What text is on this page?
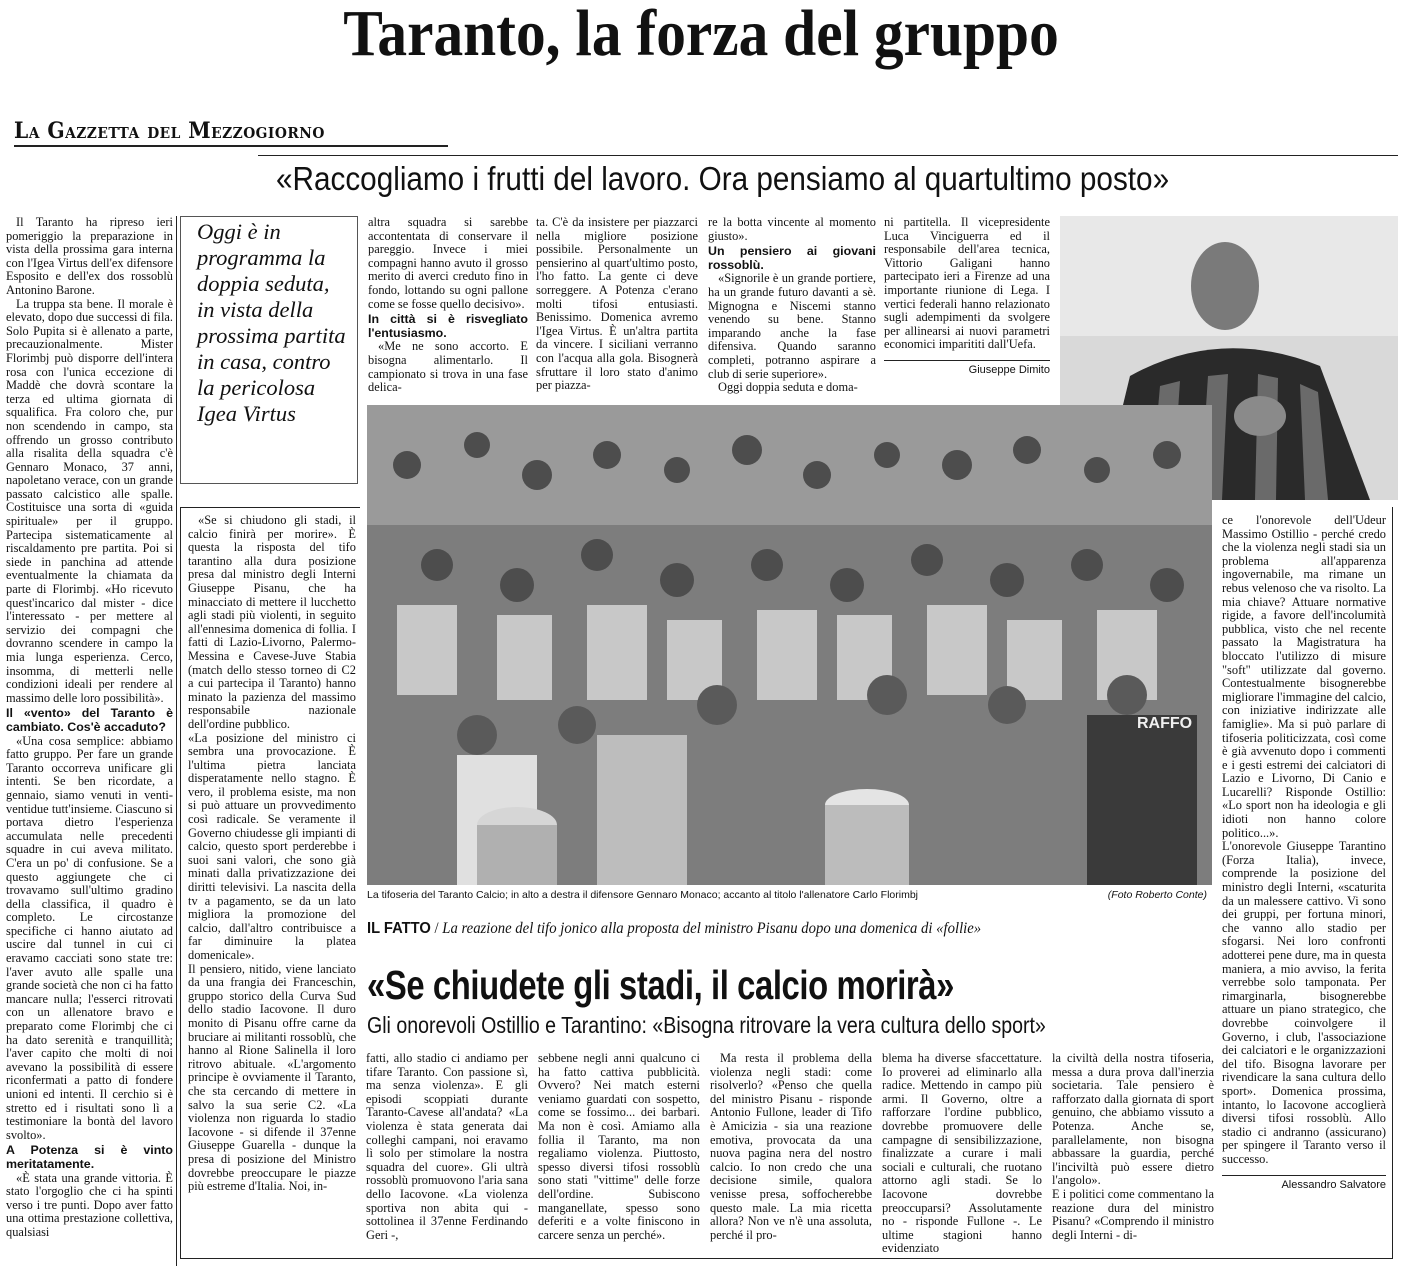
Taranto, la forza del gruppo
La Gazzetta del Mezzogiorno
«Raccogliamo i frutti del lavoro. Ora pensiamo al quartultimo posto»

Il Taranto ha ripreso ieri pomeriggio la preparazione in vista della prossima gara interna con l'Igea Virtus dell'ex difensore Esposito e dell'ex dos rossoblù Antonino Barone.

La truppa sta bene. Il morale è elevato, dopo due successi di fila. Solo Pupita si è allenato a parte, precauzionalmente. Mister Florimbj può disporre dell'intera rosa con l'unica eccezione di Maddè che dovrà scontare la terza ed ultima giornata di squalifica. Fra coloro che, pur non scendendo in campo, sta offrendo un grosso contributo alla risalita della squadra c'è Gennaro Monaco, 37 anni, napoletano verace, con un grande passato calcistico alle spalle. Costituisce una sorta di «guida spirituale» per il gruppo. Partecipa sistematicamente al riscaldamento pre partita. Poi si siede in panchina ad attende eventualmente la chiamata da parte di Florimbj. «Ho ricevuto quest'incarico dal mister - dice l'interessato - per mettere al servizio dei compagni che dovranno scendere in campo la mia lunga esperienza. Cerco, insomma, di metterli nelle condizioni ideali per rendere al massimo delle loro possibilità».

Il «vento» del Taranto è cambiato. Cos'è accaduto?

«Una cosa semplice: abbiamo fatto gruppo. Per fare un grande Taranto occorreva unificare gli intenti. Se ben ricordate, a gennaio, siamo venuti in venti-ventidue tutt'insieme. Ciascuno si portava dietro l'esperienza accumulata nelle precedenti squadre in cui aveva militato. C'era un po' di confusione. Se a questo aggiungete che ci trovavamo sull'ultimo gradino della classifica, il quadro è completo. Le circostanze specifiche ci hanno aiutato ad uscire dal tunnel in cui ci eravamo cacciati sono state tre: l'aver avuto alle spalle una grande società che non ci ha fatto mancare nulla; l'esserci ritrovati con un allenatore bravo e preparato come Florimbj che ci ha dato serenità e tranquillità; l'aver capito che molti di noi avevano la possibilità di essere riconfermati a patto di fondere unioni ed intenti. Il cerchio si è stretto ed i risultati sono lì a testimoniare la bontà del lavoro svolto».

A Potenza si è vinto meritatamente.

«È stata una grande vittoria. È stato l'orgoglio che ci ha spinti verso i tre punti. Dopo aver fatto una ottima prestazione collettiva, qualsiasi

Oggi è in programma la doppia seduta, in vista della prossima partita in casa, contro la pericolosa Igea Virtus

altra squadra si sarebbe accontentata di conservare il pareggio. Invece i miei compagni hanno avuto il grosso merito di averci creduto fino in fondo, lottando su ogni pallone come se fosse quello decisivo».

In città si è risvegliato l'entusiasmo.

«Me ne sono accorto. E bisogna alimentarlo. Il campionato si trova in una fase delica-

ta. C'è da insistere per piazzarci nella migliore posizione possibile. Personalmente un pensierino al quart'ultimo posto, l'ho fatto. La gente ci deve sorreggere. A Potenza c'erano molti tifosi entusiasti. Benissimo. Domenica avremo l'Igea Virtus. È un'altra partita da vincere. I siciliani verranno con l'acqua alla gola. Bisognerà sfruttare il loro stato d'animo per piazza-

re la botta vincente al momento giusto».

Un pensiero ai giovani rossoblù.

«Signorile è un grande portiere, ha un grande futuro davanti a sè. Mignogna e Niscemi stanno venendo su bene. Stanno imparando anche la fase difensiva. Quando saranno completi, potranno aspirare a club di serie superiore».

Oggi doppia seduta e doma-

ni partitella. Il vicepresidente Luca Vinciguerra ed il responsabile dell'area tecnica, Vittorio Galigani hanno partecipato ieri a Firenze ad una importante riunione di Lega. I vertici federali hanno relazionato sugli adempimenti da svolgere per allinearsi ai nuovi parametri economici imparititi dall'Uefa.

Giuseppe Dimito

RAFFO
La tifoseria del Taranto Calcio; in alto a destra il difensore Gennaro Monaco; accanto al titolo l'allenatore Carlo Florimbj	(Foto Roberto Conte)
IL FATTO / La reazione del tifo jonico alla proposta del ministro Pisanu dopo una domenica di «follie»
«Se chiudete gli stadi, il calcio morirà»
Gli onorevoli Ostillio e Tarantino: «Bisogna ritrovare la vera cultura dello sport»

«Se si chiudono gli stadi, il calcio finirà per morire». È questa la risposta del tifo tarantino alla dura posizione presa dal ministro degli Interni Giuseppe Pisanu, che ha minacciato di mettere il lucchetto agli stadi più violenti, in seguito all'ennesima domenica di follia. I fatti di Lazio-Livorno, Palermo-Messina e Cavese-Juve Stabia (match dello stesso torneo di C2 a cui partecipa il Taranto) hanno minato la pazienza del massimo responsabile nazionale dell'ordine pubblico.
«La posizione del ministro ci sembra una provocazione. È l'ultima pietra lanciata disperatamente nello stagno. È vero, il problema esiste, ma non si può attuare un provvedimento così radicale. Se veramente il Governo chiudesse gli impianti di calcio, questo sport perderebbe i suoi sani valori, che sono già minati dalla privatizzazione dei diritti televisivi. La nascita della tv a pagamento, se da un lato migliora la promozione del calcio, dall'altro contribuisce a far diminuire la platea domenicale».
Il pensiero, nitido, viene lanciato da una frangia dei Franceschin, gruppo storico della Curva Sud dello stadio Iacovone. Il duro monito di Pisanu offre carne da bruciare ai militanti rossoblù, che hanno al Rione Salinella il loro ritrovo abituale. «L'argomento principe è ovviamente il Taranto, che sta cercando di mettere in salvo la sua serie C2. «La violenza non riguarda lo stadio Iacovone - si difende il 37enne Giuseppe Guarella - dunque la presa di posizione del Ministro dovrebbe preoccupare le piazze più estreme d'Italia. Noi, in-

fatti, allo stadio ci andiamo per tifare Taranto. Con passione sì, ma senza violenza». E gli episodi scoppiati durante Taranto-Cavese all'andata? «La violenza è stata generata dai colleghi campani, noi eravamo lì solo per stimolare la nostra squadra del cuore». Gli ultrà rossoblù promuovono l'aria sana dello Iacovone. «La violenza sportiva non abita qui - sottolinea il 37enne Ferdinando Geri -,

sebbene negli anni qualcuno ci ha fatto cattiva pubblicità. Ovvero? Nei match esterni veniamo guardati con sospetto, come se fossimo... dei barbari. Ma non è così. Amiamo alla follia il Taranto, ma non regaliamo violenza. Piuttosto, spesso diversi tifosi rossoblù sono stati "vittime" delle forze dell'ordine. Subiscono manganellate, spesso sono deferiti e a volte finiscono in carcere senza un perché».

Ma resta il problema della violenza negli stadi: come risolverlo? «Penso che quella del ministro Pisanu - risponde Antonio Fullone, leader di Tifo è Amicizia - sia una reazione emotiva, provocata da una nuova pagina nera del nostro calcio. Io non credo che una decisione simile, qualora venisse presa, soffocherebbe questo male. La mia ricetta allora? Non ve n'è una assoluta, perché il pro-

blema ha diverse sfaccettature. Io proverei ad eliminarlo alla radice. Mettendo in campo più armi. Il Governo, oltre a rafforzare l'ordine pubblico, dovrebbe promuovere delle campagne di sensibilizzazione, finalizzate a curare i mali sociali e culturali, che ruotano attorno agli stadi. Se lo Iacovone dovrebbe preoccuparsi? Assolutamente no - risponde Fullone -. Le ultime stagioni hanno evidenziato

la civiltà della nostra tifoseria, messa a dura prova dall'inerzia societaria. Tale pensiero è rafforzato dalla giornata di sport genuino, che abbiamo vissuto a Potenza. Anche se, parallelamente, non bisogna abbassare la guardia, perché l'inciviltà può essere dietro l'angolo».
E i politici come commentano la reazione dura del ministro Pisanu? «Comprendo il ministro degli Interni - di-

ce l'onorevole dell'Udeur Massimo Ostillio - perché credo che la violenza negli stadi sia un problema all'apparenza ingovernabile, ma rimane un rebus velenoso che va risolto. La mia chiave? Attuare normative rigide, a favore dell'incolumità pubblica, visto che nel recente passato la Magistratura ha bloccato l'utilizzo di misure "soft" utilizzate dal governo. Contestualmente bisognerebbe migliorare l'immagine del calcio, con iniziative indirizzate alle famiglie». Ma si può parlare di tifoseria politicizzata, così come è già avvenuto dopo i commenti e i gesti estremi dei calciatori di Lazio e Livorno, Di Canio e Lucarelli? Risponde Ostillio: «Lo sport non ha ideologia e gli idioti non hanno colore politico...».
L'onorevole Giuseppe Tarantino (Forza Italia), invece, comprende la posizione del ministro degli Interni, «scaturita da un malessere cattivo. Vi sono dei gruppi, per fortuna minori, che vanno allo stadio per sfogarsi. Nei loro confronti adotterei pene dure, ma in questa maniera, a mio avviso, la ferita verrebbe solo tamponata. Per rimarginarla, bisognerebbe attuare un piano strategico, che dovrebbe coinvolgere il Governo, i club, l'associazione dei calciatori e le organizzazioni del tifo. Bisogna lavorare per rivendicare la sana cultura dello sport». Domenica prossima, intanto, lo Iacovone accoglierà diversi tifosi rossoblù. Allo stadio ci andranno (assicurano) per spingere il Taranto verso il successo.

Alessandro Salvatore
